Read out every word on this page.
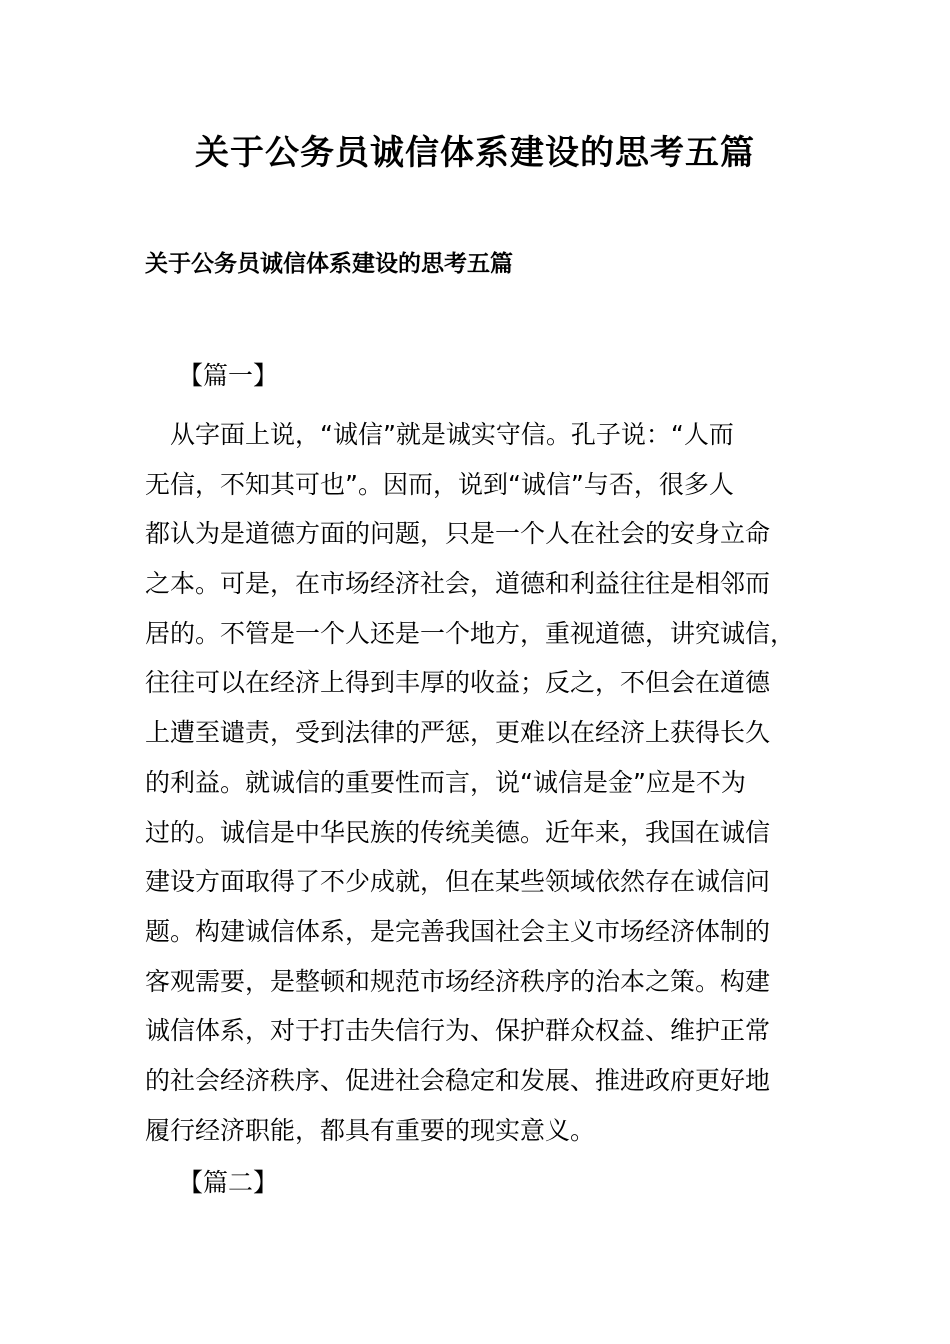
关于公务员诚信体系建设的思考五篇
关于公务员诚信体系建设的思考五篇

【篇一】

　从字面上说，“诚信”就是诚实守信。孔子说：“人而
无信，不知其可也”。因而，说到“诚信”与否，很多人
都认为是道德方面的问题，只是一个人在社会的安身立命
之本。可是，在市场经济社会，道德和利益往往是相邻而
居的。不管是一个人还是一个地方，重视道德，讲究诚信，
往往可以在经济上得到丰厚的收益；反之，不但会在道德
上遭至谴责，受到法律的严惩，更难以在经济上获得长久
的利益。就诚信的重要性而言，说“诚信是金”应是不为
过的。诚信是中华民族的传统美德。近年来，我国在诚信
建设方面取得了不少成就，但在某些领域依然存在诚信问
题。构建诚信体系，是完善我国社会主义市场经济体制的
客观需要，是整顿和规范市场经济秩序的治本之策。构建
诚信体系，对于打击失信行为、保护群众权益、维护正常
的社会经济秩序、促进社会稳定和发展、推进政府更好地
履行经济职能，都具有重要的现实意义。

【篇二】
